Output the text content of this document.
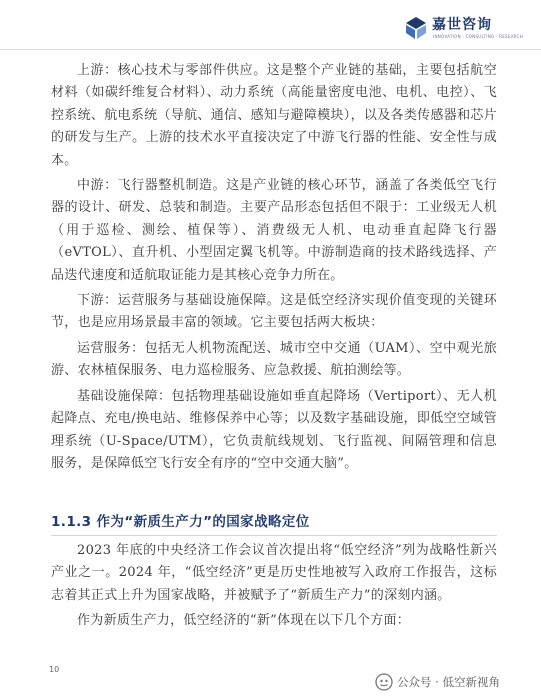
嘉世咨询
INNOVATION · CONSULTING · RESEARCH

上游：核心技术与零部件供应。这是整个产业链的基础，主要包括航空材料（如碳纤维复合材料）、动力系统（高能量密度电池、电机、电控）、飞控系统、航电系统（导航、通信、感知与避障模块），以及各类传感器和芯片的研发与生产。上游的技术水平直接决定了中游飞行器的性能、安全性与成本。

中游：飞行器整机制造。这是产业链的核心环节，涵盖了各类低空飞行器的设计、研发、总装和制造。主要产品形态包括但不限于：工业级无人机（用于巡检、测绘、植保等）、消费级无人机、电动垂直起降飞行器（eVTOL）、直升机、小型固定翼飞机等。中游制造商的技术路线选择、产品迭代速度和适航取证能力是其核心竞争力所在。

下游：运营服务与基础设施保障。这是低空经济实现价值变现的关键环节，也是应用场景最丰富的领域。它主要包括两大板块：

运营服务：包括无人机物流配送、城市空中交通（UAM）、空中观光旅游、农林植保服务、电力巡检服务、应急救援、航拍测绘等。

基础设施保障：包括物理基础设施如垂直起降场（Vertiport）、无人机起降点、充电/换电站、维修保养中心等；以及数字基础设施，即低空空域管理系统（U-Space/UTM），它负责航线规划、飞行监视、间隔管理和信息服务，是保障低空飞行安全有序的“空中交通大脑”。

1.1.3 作为“新质生产力”的国家战略定位

2023 年底的中央经济工作会议首次提出将“低空经济”列为战略性新兴产业之一。2024 年，“低空经济”更是历史性地被写入政府工作报告，这标志着其正式上升为国家战略，并被赋予了“新质生产力”的深刻内涵。

作为新质生产力，低空经济的“新”体现在以下几个方面：

10
公众号 · 低空新视角
